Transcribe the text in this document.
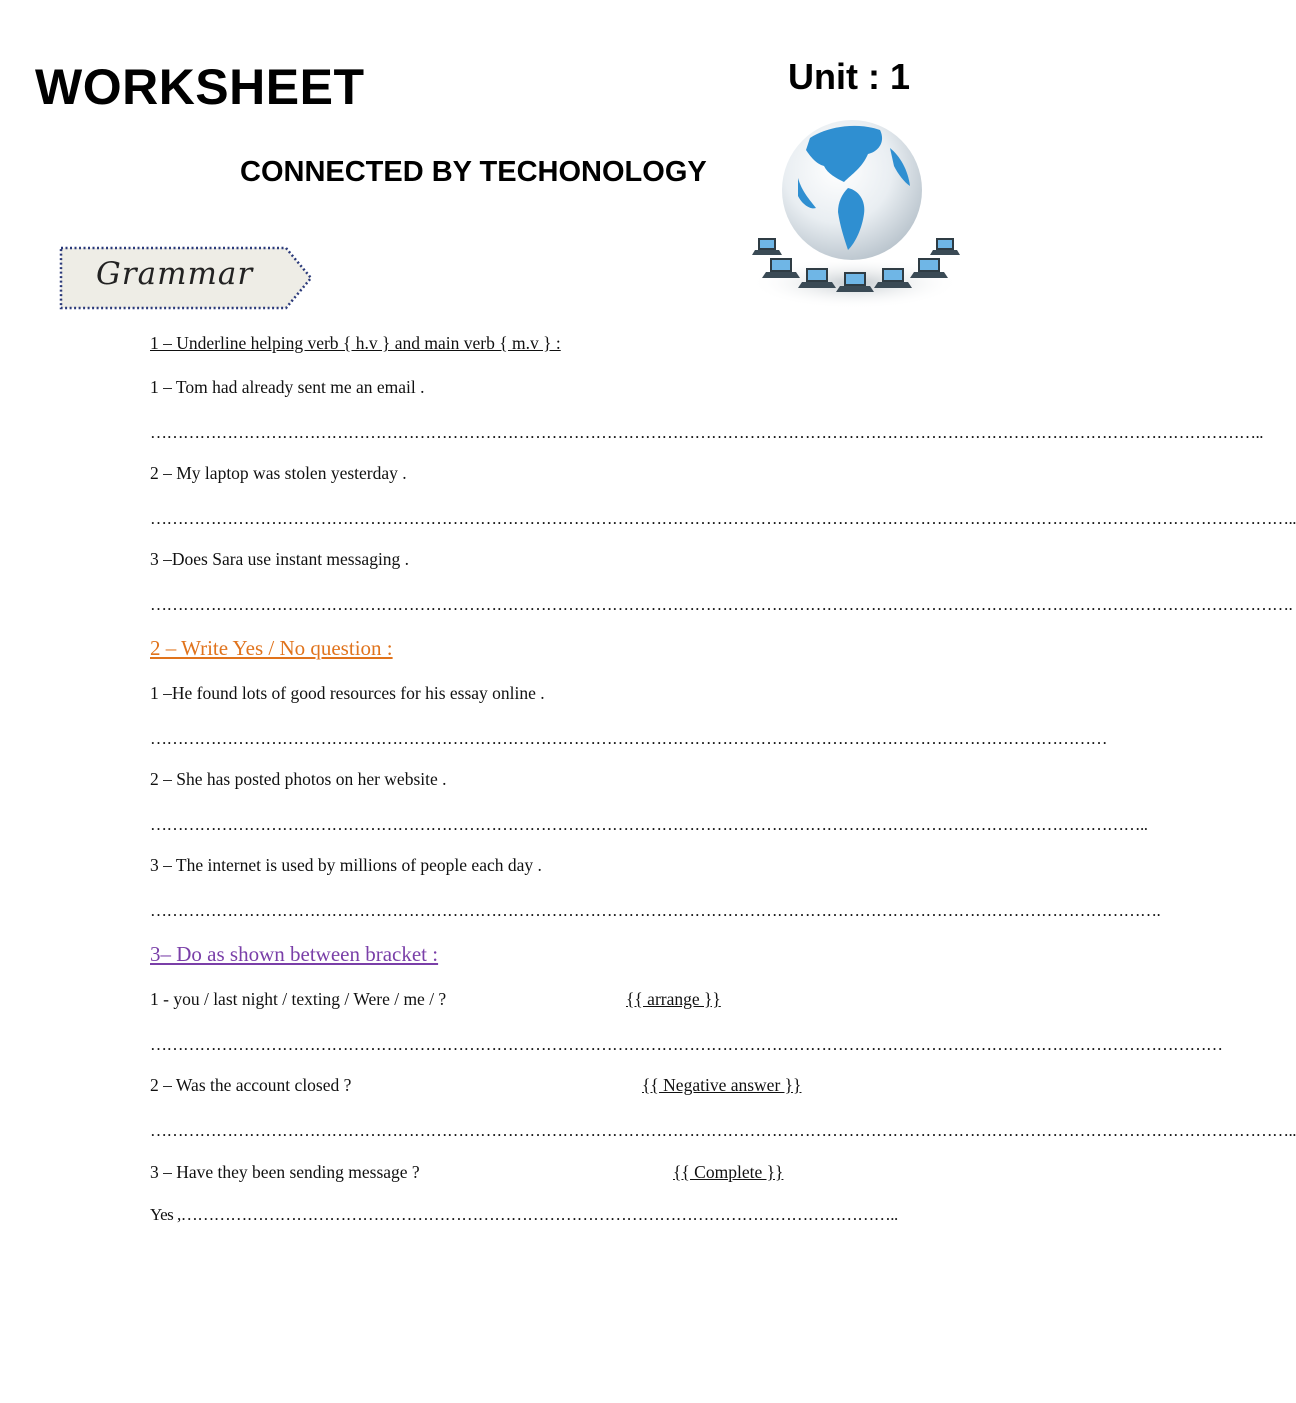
WORKSHEET	Unit : 1
CONNECTED BY TECHONOLOGY
Grammar
1 – Underline helping verb { h.v } and main verb { m.v } :
1 – Tom had already sent me an email .
…………………………………………………………………………………………………………………………………………………………………………………..
2 – My laptop was stolen yesterday .
………………………………………………………………………………………………………………………………………………………………………………………..
3 –Does Sara use instant messaging .
……………………………………………………………………………………………………………………………………………………………………………………….
2 – Write Yes / No question :
1 –He found lots of good resources for his essay online .
…………………………………………………………………………………………………………………………………………………………
2 – She has posted photos on her website .
………………………………………………………………………………………………………………………………………………………………..
3 – The internet is used by millions of people each day .
………………………………………………………………………………………………………………………………………………………………….
3– Do as shown between bracket :
1 - you / last night / texting / Were / me / ?	{{ arrange }}
……………………………………………………………………………………………………………………………………………………………………………
2 – Was the account closed ?	{{ Negative answer }}
………………………………………………………………………………………………………………………………………………………………………………………..
3 – Have they been sending message ?	{{ Complete }}
Yes ,…………………………………………………………………………………………………………………..
